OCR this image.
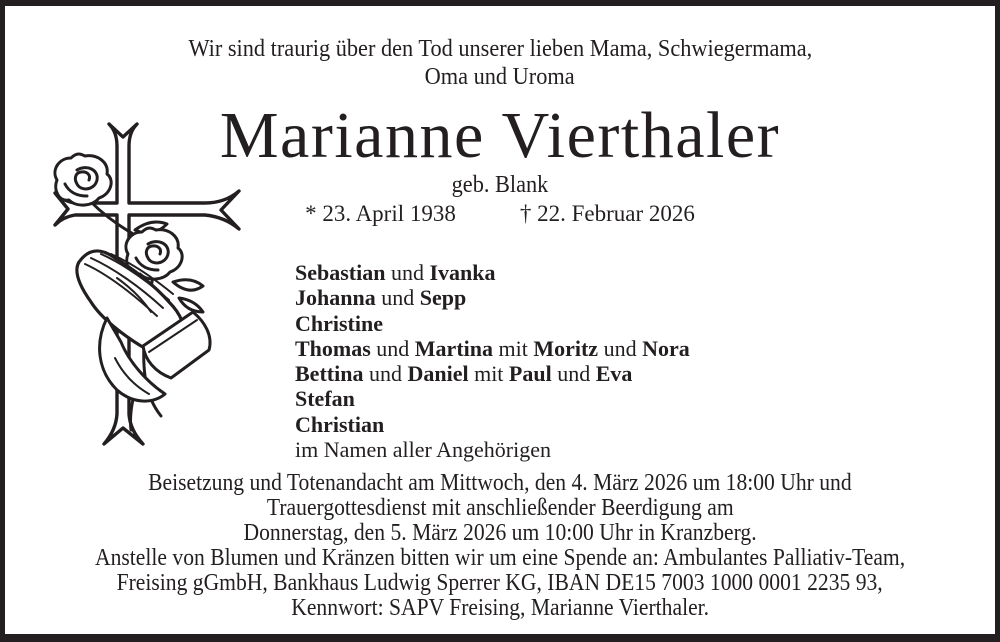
Wir sind traurig über den Tod unserer lieben Mama, Schwiegermama,
Oma und Uroma
Marianne Vierthaler
geb. Blank
* 23. April 1938	† 22. Februar 2026
Sebastian und Ivanka
Johanna und Sepp
Christine
Thomas und Martina mit Moritz und Nora
Bettina und Daniel mit Paul und Eva
Stefan
Christian
im Namen aller Angehörigen
Beisetzung und Totenandacht am Mittwoch, den 4. März 2026 um 18:00 Uhr und
Trauergottesdienst mit anschließender Beerdigung am
Donnerstag, den 5. März 2026 um 10:00 Uhr in Kranzberg.
Anstelle von Blumen und Kränzen bitten wir um eine Spende an: Ambulantes Palliativ-Team,
Freising gGmbH, Bankhaus Ludwig Sperrer KG, IBAN DE15 7003 1000 0001 2235 93,
Kennwort: SAPV Freising, Marianne Vierthaler.
